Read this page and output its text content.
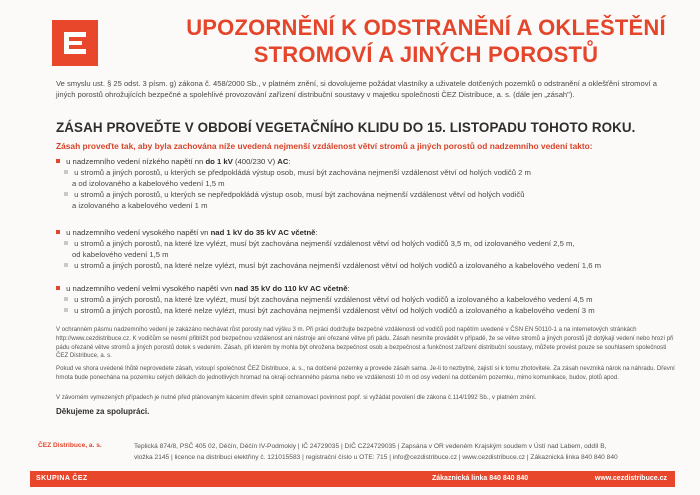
UPOZORNĚNÍ K ODSTRANĚNÍ A OKLEŠTĚNÍ
STROMOVÍ A JINÝCH POROSTŮ
Ve smyslu ust. § 25 odst. 3 písm. g) zákona č. 458/2000 Sb., v platném znění, si dovolujeme požádat vlastníky a uživatele dotčených pozemků o odstranění a oklešťění stromoví a jiných porostů ohrožujících bezpečné a spolehlivé provozování zařízení distribuční soustavy v majetku společnosti ČEZ Distribuce, a. s. (dále jen „zásah").
ZÁSAH PROVEĎTE V OBDOBÍ VEGETAČNÍHO KLIDU DO 15. LISTOPADU TOHOTO ROKU.
Zásah proveďte tak, aby byla zachována níže uvedená nejmenší vzdálenost větví stromů a jiných porostů od nadzemního vedení takto:
u nadzemního vedení nízkého napětí nn do 1 kV (400/230 V) AC:
u stromů a jiných porostů, u kterých se předpokládá výstup osob, musí být zachována nejmenší vzdálenost větví od holých vodičů 2 m
a od izolovaného a kabelového vedení 1,5 m
u stromů a jiných porostů, u kterých se nepředpokládá výstup osob, musí být zachována nejmenší vzdálenost větví od holých vodičů
a izolovaného a kabelového vedení 1 m
u nadzemního vedení vysokého napětí vn nad 1 kV do 35 kV AC včetně:
u stromů a jiných porostů, na které lze vylézt, musí být zachována nejmenší vzdálenost větví od holých vodičů 3,5 m, od izolovaného vedení 2,5 m,
od kabelového vedení 1,5 m
u stromů a jiných porostů, na které nelze vylézt, musí být zachována nejmenší vzdálenost větví od holých vodičů a izolovaného a kabelového vedení 1,6 m
u nadzemního vedení velmi vysokého napětí vvn nad 35 kV do 110 kV AC včetně:
u stromů a jiných porostů, na které lze vylézt, musí být zachována nejmenší vzdálenost větví od holých vodičů a izolovaného a kabelového vedení 4,5 m
u stromů a jiných porostů, na které nelze vylézt, musí být zachována nejmenší vzdálenost větví od holých vodičů a izolovaného a kabelového vedení 3 m
V ochranném pásmu nadzemního vedení je zakázáno nechávat růst porosty nad výšku 3 m. Při práci dodržujte bezpečné vzdálenosti od vodičů pod napětím uvedené v ČSN EN 50110-1 a na internetových stránkách http://www.cezdistribuce.cz. K vodičům se nesmí přiblížit pod bezpečnou vzdálenost ani nástroje ani ořezané větve při pádu. Zásah nesmíte provádět v případě, že se větve stromů a jiných porostů již dotýkají vedení nebo hrozí při pádu ořezané větve stromů a jiných porostů dotek s vedením. Zásah, při kterém by mohla být ohrožena bezpečnost osob a bezpečnost a funkčnost zařízení distribuční soustavy, můžete provést pouze se souhlasem společnosti ČEZ Distribuce, a. s.
Pokud ve shora uvedené lhůtě neprovedete zásah, vstoupí společnost ČEZ Distribuce, a. s., na dotčené pozemky a provede zásah sama. Je-li to nezbytné, zajistí si k tomu zhotovitele. Za zásah nevzniká nárok na náhradu. Dřevní hmota bude ponechána na pozemku celých délkách do jednotlivých hromad na okraji ochranného pásma nebo ve vzdálenosti 10 m od osy vedení na dotčeném pozemku, mimo komunikace, budov, plotů apod.
V závorném vymezených případech je nutné před plánovaným kácením dřevin splnit oznamovací povinnost popř. si vyžádat povolení dle zákona č.114/1992 Sb., v platném znění.
Děkujeme za spolupráci.
ČEZ Distribuce, a. s.	Teplická 874/8, PSČ 405 02, Děčín, Děčín IV-Podmokly | IČ 24729035 | DIČ CZ24729035 | Zapsána v OR vedeném Krajským soudem v Ústí nad Labem, oddíl B,
vložka 2145 | licence na distribuci elektřiny č. 121015583 | registrační číslo u OTE: 715 | info@cezdistribuce.cz | www.cezdistribuce.cz | Zákaznická linka 840 840 840
SKUPINA ČEZ	Zákaznická linka 840 840 840	www.cezdistribuce.cz
